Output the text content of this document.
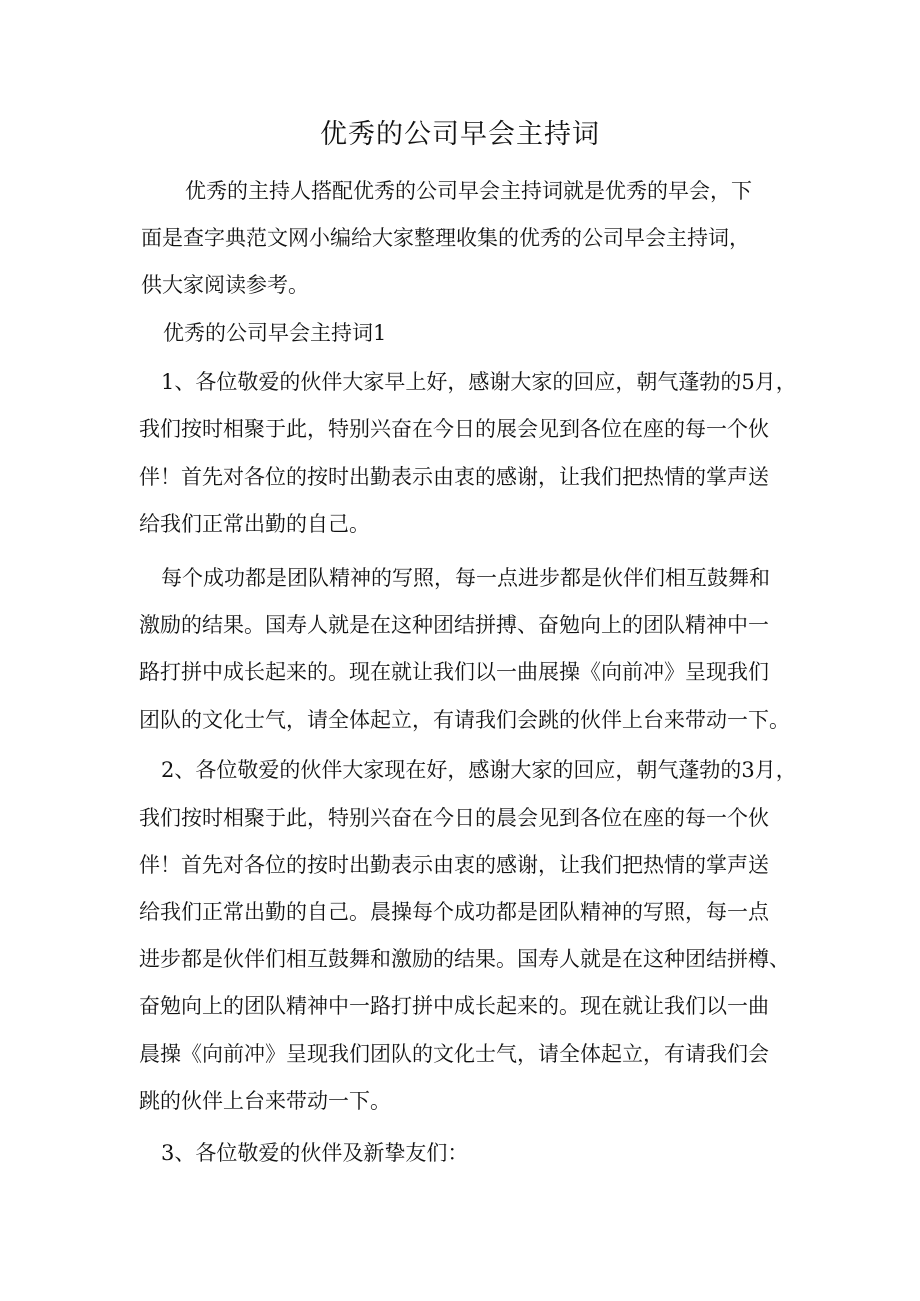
优秀的公司早会主持词

优秀的主持人搭配优秀的公司早会主持词就是优秀的早会，下

面是查字典范文网小编给大家整理收集的优秀的公司早会主持词，

供大家阅读参考。

优秀的公司早会主持词1

1、各位敬爱的伙伴大家早上好，感谢大家的回应，朝气蓬勃的5月，

我们按时相聚于此，特别兴奋在今日的展会见到各位在座的每一个伙

伴！首先对各位的按时出勤表示由衷的感谢，让我们把热情的掌声送

给我们正常出勤的自己。

每个成功都是团队精神的写照，每一点进步都是伙伴们相互鼓舞和

激励的结果。国寿人就是在这种团结拼搏、奋勉向上的团队精神中一

路打拼中成长起来的。现在就让我们以一曲展操《向前冲》呈现我们

团队的文化士气，请全体起立，有请我们会跳的伙伴上台来带动一下。

2、各位敬爱的伙伴大家现在好，感谢大家的回应，朝气蓬勃的3月，

我们按时相聚于此，特别兴奋在今日的晨会见到各位在座的每一个伙

伴！首先对各位的按时出勤表示由衷的感谢，让我们把热情的掌声送

给我们正常出勤的自己。晨操每个成功都是团队精神的写照，每一点

进步都是伙伴们相互鼓舞和激励的结果。国寿人就是在这种团结拼樽、

奋勉向上的团队精神中一路打拼中成长起来的。现在就让我们以一曲

晨操《向前冲》呈现我们团队的文化士气，请全体起立，有请我们会

跳的伙伴上台来带动一下。

3、各位敬爱的伙伴及新挚友们：
